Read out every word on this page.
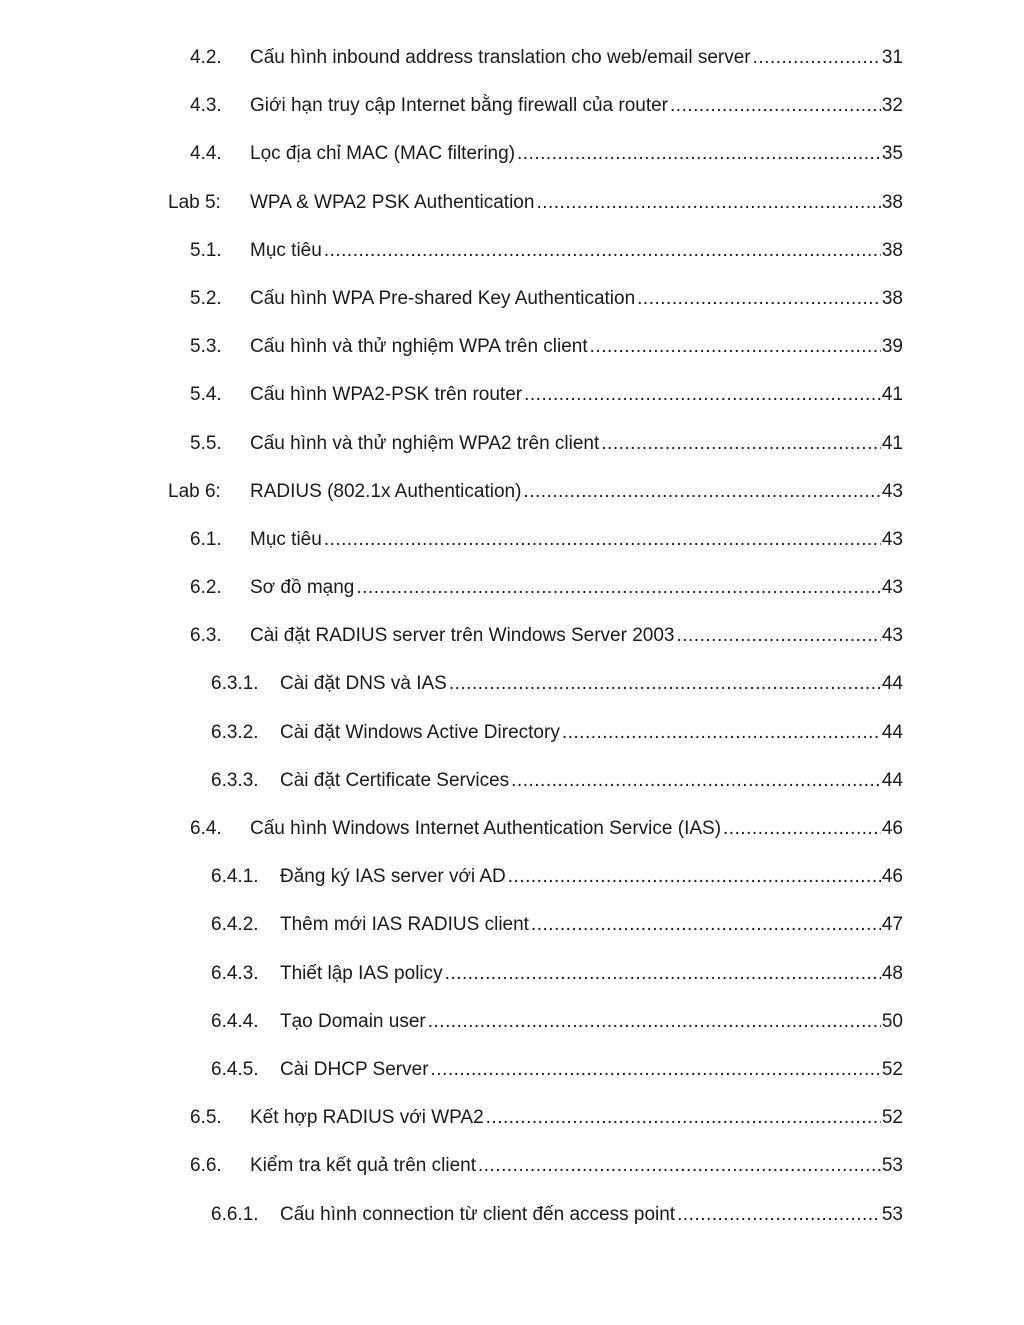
4.2. Cấu hình inbound address translation cho web/email server .....	31
4.3. Giới hạn truy cập Internet bằng firewall của router .....	32
4.4. Lọc địa chỉ MAC (MAC filtering) .....	35
Lab 5: WPA & WPA2 PSK Authentication .....	38
5.1. Mục tiêu .....	38
5.2. Cấu hình WPA Pre-shared Key Authentication .....	38
5.3. Cấu hình và thử nghiệm WPA trên client .....	39
5.4. Cấu hình WPA2-PSK trên router .....	41
5.5. Cấu hình và thử nghiệm WPA2 trên client .....	41
Lab 6: RADIUS (802.1x Authentication) .....	43
6.1. Mục tiêu .....	43
6.2. Sơ đồ mạng .....	43
6.3. Cài đặt RADIUS server trên Windows Server 2003 .....	43
6.3.1. Cài đặt DNS và IAS .....	44
6.3.2. Cài đặt Windows Active Directory .....	44
6.3.3. Cài đặt Certificate Services .....	44
6.4. Cấu hình Windows Internet Authentication Service (IAS) .....	46
6.4.1. Đăng ký IAS server với AD .....	46
6.4.2. Thêm mới IAS RADIUS client .....	47
6.4.3. Thiết lập IAS policy .....	48
6.4.4. Tạo Domain user .....	50
6.4.5. Cài DHCP Server .....	52
6.5. Kết hợp RADIUS với WPA2 .....	52
6.6. Kiểm tra kết quả trên client .....	53
6.6.1. Cấu hình connection từ client đến access point .....	53
